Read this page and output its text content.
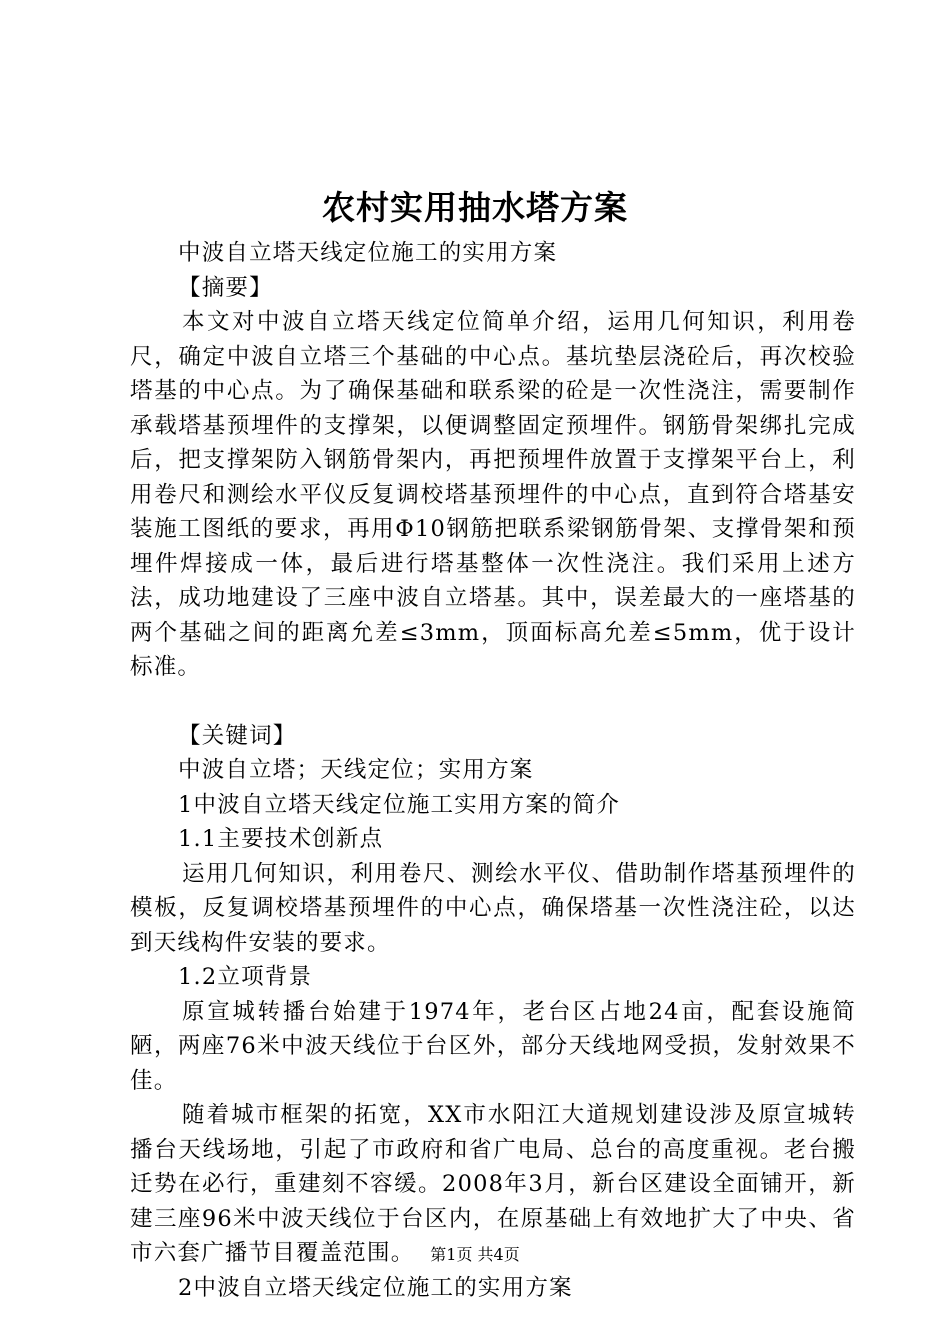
农村实用抽水塔方案
中波自立塔天线定位施工的实用方案
【摘要】

本文对中波自立塔天线定位简单介绍，运用几何知识，利用卷尺，确定中波自立塔三个基础的中心点。基坑垫层浇砼后，再次校验塔基的中心点。为了确保基础和联系梁的砼是一次性浇注，需要制作承载塔基预埋件的支撑架，以便调整固定预埋件。钢筋骨架绑扎完成后，把支撑架防入钢筋骨架内，再把预埋件放置于支撑架平台上，利用卷尺和测绘水平仪反复调校塔基预埋件的中心点，直到符合塔基安装施工图纸的要求，再用Φ10钢筋把联系梁钢筋骨架、支撑骨架和预埋件焊接成一体，最后进行塔基整体一次性浇注。我们采用上述方法，成功地建设了三座中波自立塔基。其中，误差最大的一座塔基的两个基础之间的距离允差≤3mm，顶面标高允差≤5mm，优于设计标准。

【关键词】
中波自立塔；天线定位；实用方案
1中波自立塔天线定位施工实用方案的简介
1.1主要技术创新点

运用几何知识，利用卷尺、测绘水平仪、借助制作塔基预埋件的模板，反复调校塔基预埋件的中心点，确保塔基一次性浇注砼，以达到天线构件安装的要求。

1.2立项背景

原宣城转播台始建于1974年，老台区占地24亩，配套设施简陋，两座76米中波天线位于台区外，部分天线地网受损，发射效果不佳。

随着城市框架的拓宽，XX市水阳江大道规划建设涉及原宣城转播台天线场地，引起了市政府和省广电局、总台的高度重视。老台搬迁势在必行，重建刻不容缓。2008年3月，新台区建设全面铺开，新建三座96米中波天线位于台区内，在原基础上有效地扩大了中央、省市六套广播节目覆盖范围。

2中波自立塔天线定位施工的实用方案
第1页 共4页
